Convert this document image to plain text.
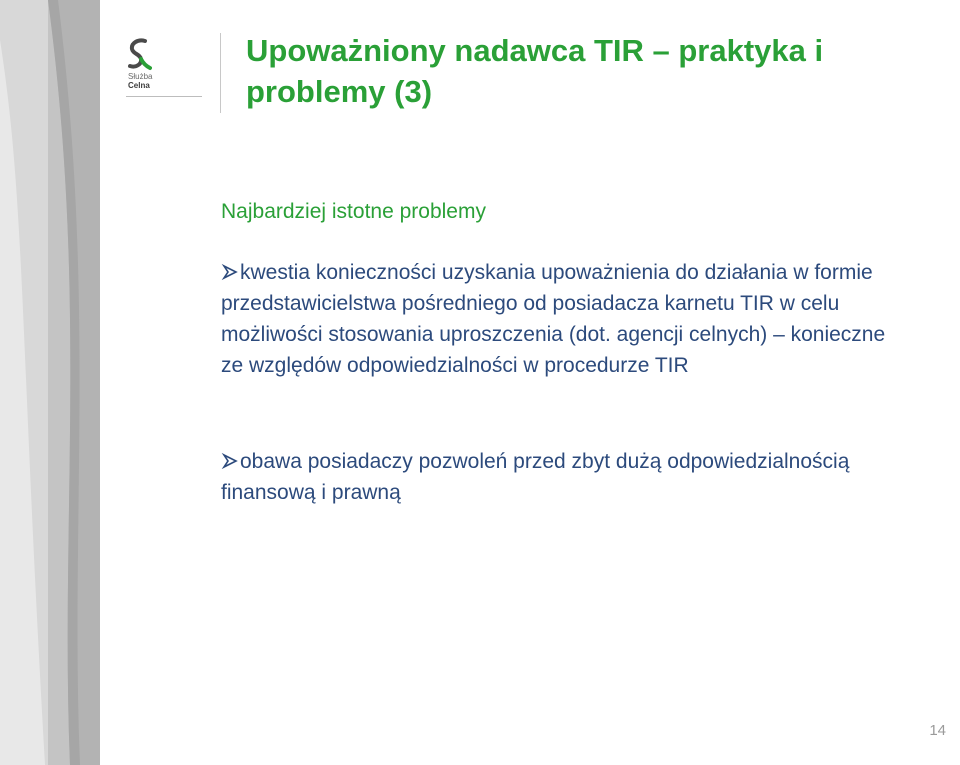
Służba
Celna
Upoważniony nadawca TIR – praktyka i problemy (3)
Najbardziej istotne problemy

kwestia konieczności uzyskania upoważnienia do działania w formie przedstawicielstwa pośredniego od posiadacza karnetu TIR w celu możliwości stosowania uproszczenia (dot. agencji celnych) – konieczne ze względów odpowiedzialności w procedurze TIR

obawa posiadaczy pozwoleń przed zbyt dużą odpowiedzialnością finansową i prawną

14
